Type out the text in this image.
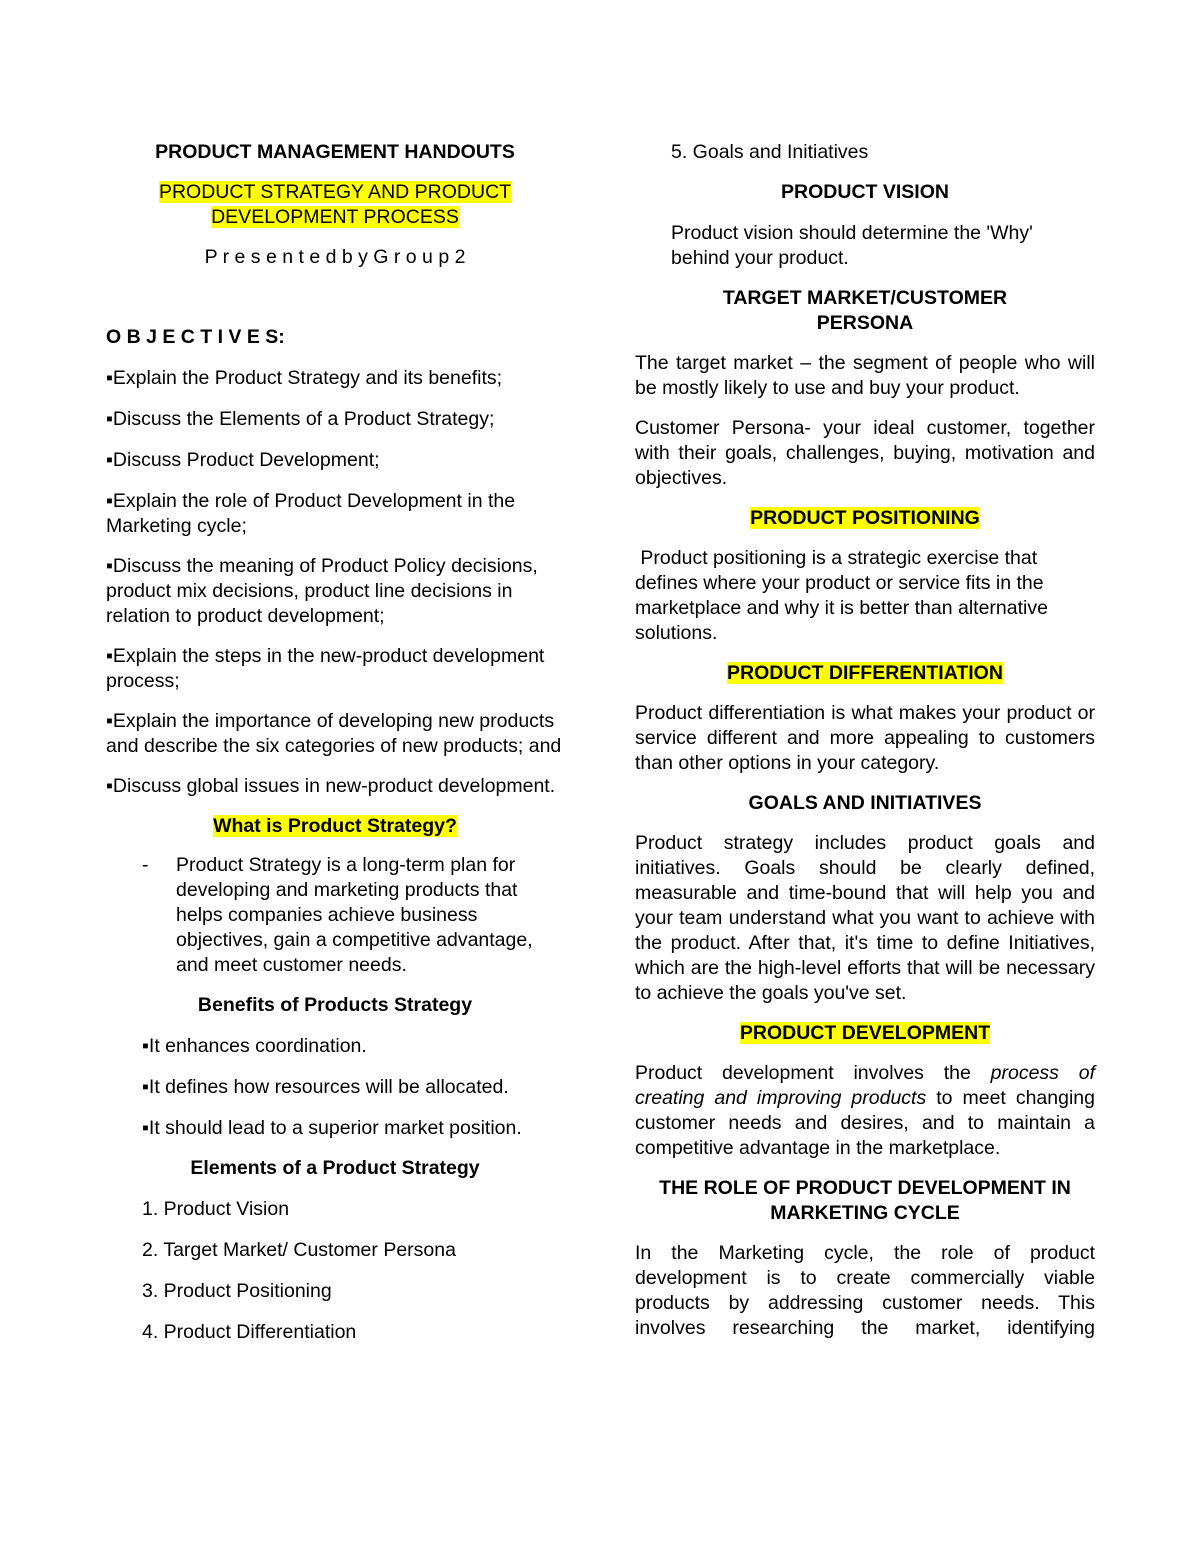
PRODUCT MANAGEMENT HANDOUTS

PRODUCT STRATEGY AND PRODUCT
DEVELOPMENT PROCESS

P r e s e n t e d b y G r o u p 2

O B J E C T I V E S:

▪Explain the Product Strategy and its benefits;

▪Discuss the Elements of a Product Strategy;

▪Discuss Product Development;

▪Explain the role of Product Development in the Marketing cycle;

▪Discuss the meaning of Product Policy decisions, product mix decisions, product line decisions in relation to product development;

▪Explain the steps in the new-product development process;

▪Explain the importance of developing new products and describe the six categories of new products; and

▪Discuss global issues in new-product development.

What is Product Strategy?

-	Product Strategy is a long-term plan for developing and marketing products that helps companies achieve business objectives, gain a competitive advantage, and meet customer needs.

Benefits of Products Strategy

▪It enhances coordination.

▪It defines how resources will be allocated.

▪It should lead to a superior market position.

Elements of a Product Strategy

1. Product Vision

2. Target Market/ Customer Persona

3. Product Positioning

4. Product Differentiation

5. Goals and Initiatives

PRODUCT VISION

Product vision should determine the 'Why' behind your product.

TARGET MARKET/CUSTOMER
PERSONA

The target market – the segment of people who will be mostly likely to use and buy your product.

Customer Persona- your ideal customer, together with their goals, challenges, buying, motivation and objectives.

PRODUCT POSITIONING

Product positioning is a strategic exercise that defines where your product or service fits in the marketplace and why it is better than alternative solutions.

PRODUCT DIFFERENTIATION

Product differentiation is what makes your product or service different and more appealing to customers than other options in your category.

GOALS AND INITIATIVES

Product strategy includes product goals and initiatives. Goals should be clearly defined, measurable and time-bound that will help you and your team understand what you want to achieve with the product. After that, it's time to define Initiatives, which are the high-level efforts that will be necessary to achieve the goals you've set.

PRODUCT DEVELOPMENT

Product development involves the process of creating and improving products to meet changing customer needs and desires, and to maintain a competitive advantage in the marketplace.

THE ROLE OF PRODUCT DEVELOPMENT IN
MARKETING CYCLE

In the Marketing cycle, the role of product development is to create commercially viable products by addressing customer needs. This involves researching the market, identifying
